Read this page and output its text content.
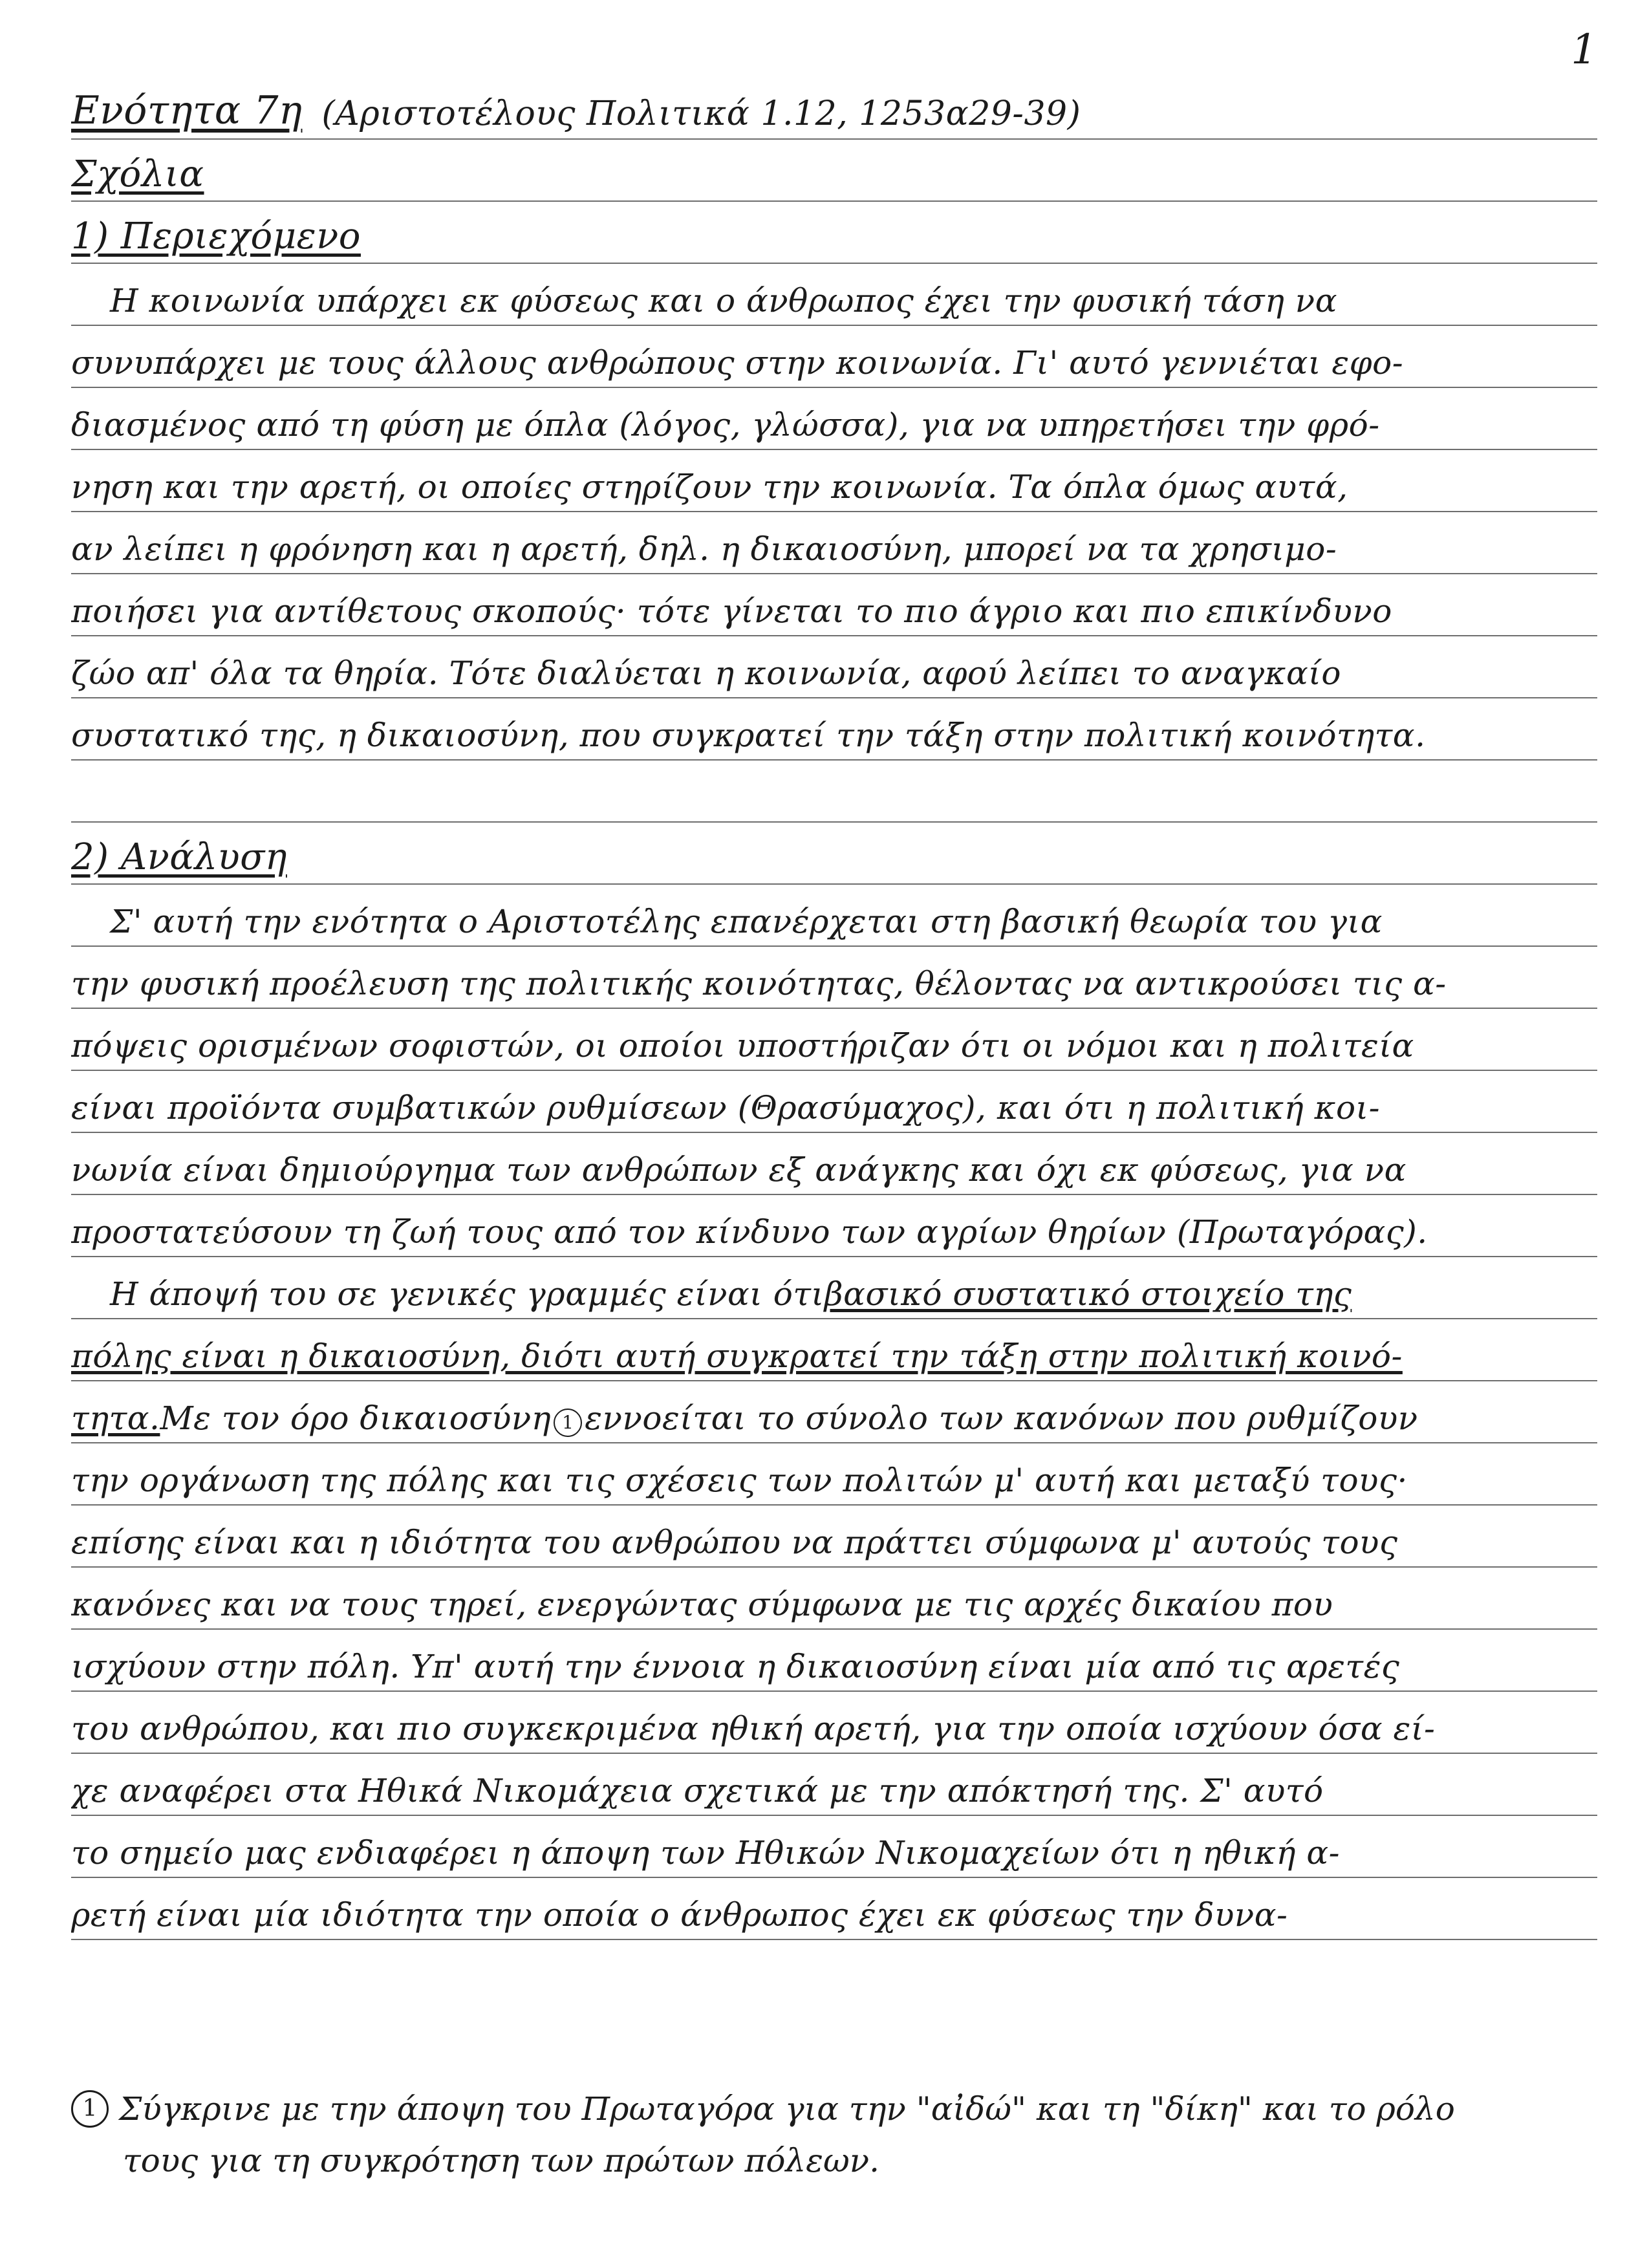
1
Ενότητα 7η (Αριστοτέλους Πολιτικά 1.12, 1253α29-39)
Σχόλια
1) Περιεχόμενο
Η κοινωνία υπάρχει εκ φύσεως και ο άνθρωπος έχει την φυσική τάση να
συνυπάρχει με τους άλλους ανθρώπους στην κοινωνία. Γι' αυτό γεννιέται εφο-
διασμένος από τη φύση με όπλα (λόγος, γλώσσα), για να υπηρετήσει την φρό-
νηση και την αρετή, οι οποίες στηρίζουν την κοινωνία. Τα όπλα όμως αυτά,
αν λείπει η φρόνηση και η αρετή, δηλ. η δικαιοσύνη, μπορεί να τα χρησιμο-
ποιήσει για αντίθετους σκοπούς· τότε γίνεται το πιο άγριο και πιο επικίνδυνο
ζώο απ' όλα τα θηρία. Τότε διαλύεται η κοινωνία, αφού λείπει το αναγκαίο
συστατικό της, η δικαιοσύνη, που συγκρατεί την τάξη στην πολιτική κοινότητα.
2) Ανάλυση
Σ' αυτή την ενότητα ο Αριστοτέλης επανέρχεται στη βασική θεωρία του για
την φυσική προέλευση της πολιτικής κοινότητας, θέλοντας να αντικρούσει τις α-
πόψεις ορισμένων σοφιστών, οι οποίοι υποστήριζαν ότι οι νόμοι και η πολιτεία
είναι προϊόντα συμβατικών ρυθμίσεων (Θρασύμαχος), και ότι η πολιτική κοι-
νωνία είναι δημιούργημα των ανθρώπων εξ ανάγκης και όχι εκ φύσεως, για να
προστατεύσουν τη ζωή τους από τον κίνδυνο των αγρίων θηρίων (Πρωταγόρας).
Η άποψή του σε γενικές γραμμές είναι ότι βασικό συστατικό στοιχείο της
πόλης είναι η δικαιοσύνη, διότι αυτή συγκρατεί την τάξη στην πολιτική κοινό-
τητα. Με τον όρο δικαιοσύνη 1 εννοείται το σύνολο των κανόνων που ρυθμίζουν
την οργάνωση της πόλης και τις σχέσεις των πολιτών μ' αυτή και μεταξύ τους·
επίσης είναι και η ιδιότητα του ανθρώπου να πράττει σύμφωνα μ' αυτούς τους
κανόνες και να τους τηρεί, ενεργώντας σύμφωνα με τις αρχές δικαίου που
ισχύουν στην πόλη. Υπ' αυτή την έννοια η δικαιοσύνη είναι μία από τις αρετές
του ανθρώπου, και πιο συγκεκριμένα ηθική αρετή, για την οποία ισχύουν όσα εί-
χε αναφέρει στα Ηθικά Νικομάχεια σχετικά με την απόκτησή της. Σ' αυτό
το σημείο μας ενδιαφέρει η άποψη των Ηθικών Νικομαχείων ότι η ηθική α-
ρετή είναι μία ιδιότητα την οποία ο άνθρωπος έχει εκ φύσεως την δυνα-
1 Σύγκρινε με την άποψη του Πρωταγόρα για την "αἰδώ" και τη "δίκη" και το ρόλο
τους για τη συγκρότηση των πρώτων πόλεων.
